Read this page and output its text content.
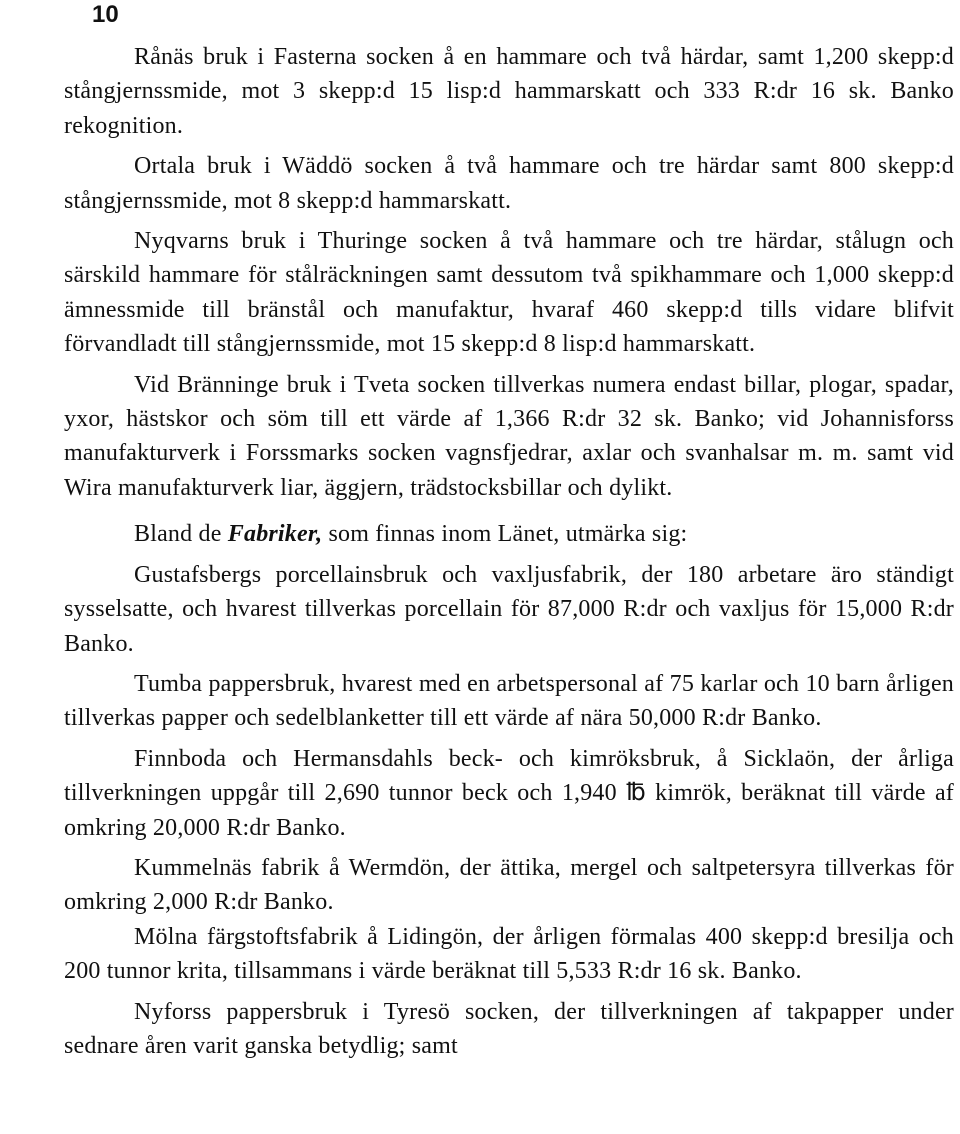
10

Rånäs bruk i Fasterna socken å en hammare och två härdar, samt 1,200 skepp:d stångjernssmide, mot 3 skepp:d 15 lisp:d hammarskatt och 333 R:dr 16 sk. Banko rekognition.

Ortala bruk i Wäddö socken å två hammare och tre härdar samt 800 skepp:d stångjernssmide, mot 8 skepp:d hammarskatt.

Nyqvarns bruk i Thuringe socken å två hammare och tre härdar, stålugn och särskild hammare för stålräckningen samt dessutom två spikhammare och 1,000 skepp:d ämnessmide till bränstål och manufaktur, hvaraf 460 skepp:d tills vidare blifvit förvandladt till stångjernssmide, mot 15 skepp:d 8 lisp:d hammarskatt.

Vid Bränninge bruk i Tveta socken tillverkas numera endast billar, plogar, spadar, yxor, hästskor och söm till ett värde af 1,366 R:dr 32 sk. Banko; vid Johannisforss manufakturverk i Forssmarks socken vagnsfjedrar, axlar och svanhalsar m. m. samt vid Wira manufakturverk liar, äggjern, trädstocksbillar och dylikt.

Bland de Fabriker, som finnas inom Länet, utmärka sig:

Gustafsbergs porcellainsbruk och vaxljusfabrik, der 180 arbetare äro ständigt sysselsatte, och hvarest tillverkas porcellain för 87,000 R:dr och vaxljus för 15,000 R:dr Banko.

Tumba pappersbruk, hvarest med en arbetspersonal af 75 karlar och 10 barn årligen tillverkas papper och sedelblanketter till ett värde af nära 50,000 R:dr Banko.

Finnboda och Hermansdahls beck- och kimröksbruk, å Sicklaön, der årliga tillverkningen uppgår till 2,690 tunnor beck och 1,940 ℔ kimrök, beräknat till värde af omkring 20,000 R:dr Banko.

Kummelnäs fabrik å Wermdön, der ättika, mergel och saltpetersyra tillverkas för omkring 2,000 R:dr Banko.

Mölna färgstoftsfabrik å Lidingön, der årligen förmalas 400 skepp:d bresilja och 200 tunnor krita, tillsammans i värde beräknat till 5,533 R:dr 16 sk. Banko.

Nyforss pappersbruk i Tyresö socken, der tillverkningen af takpapper under sednare åren varit ganska betydlig; samt
